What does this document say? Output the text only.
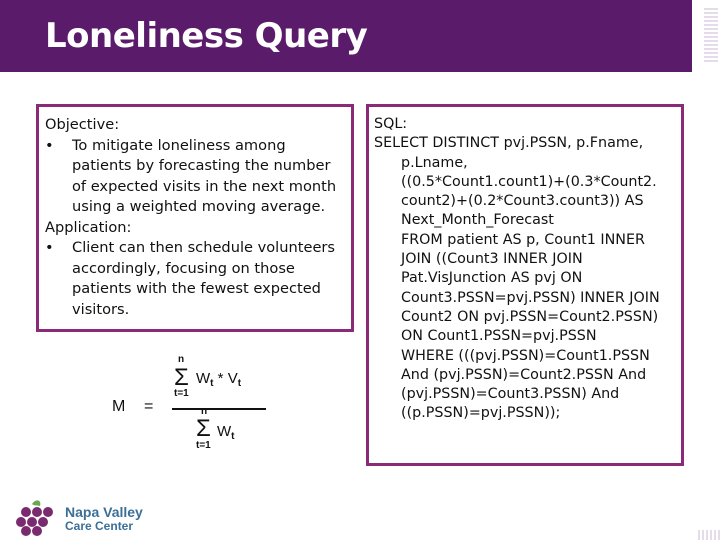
Loneliness Query

Objective:

• To mitigate loneliness among patients by forecasting the number of expected visits in the next month using a weighted moving average.

Application:

• Client can then schedule volunteers accordingly, focusing on those patients with the fewest expected visitors.
M =
n
Σ
t=1
$W_t * V_t$
n
Σ
t=1
$W_t$

SQL:

SELECT DISTINCT pvj.PSSN, p.Fname,

p.Lname,
((0.5*Count1.count1)+(0.3*Count2.
count2)+(0.2*Count3.count3)) AS
Next_Month_Forecast
FROM patient AS p, Count1 INNER
JOIN ((Count3 INNER JOIN
Pat.VisJunction AS pvj ON
Count3.PSSN=pvj.PSSN) INNER JOIN
Count2 ON pvj.PSSN=Count2.PSSN)
ON Count1.PSSN=pvj.PSSN
WHERE (((pvj.PSSN)=Count1.PSSN
And (pvj.PSSN)=Count2.PSSN And
(pvj.PSSN)=Count3.PSSN) And
((p.PSSN)=pvj.PSSN));

Napa Valley
Care Center
